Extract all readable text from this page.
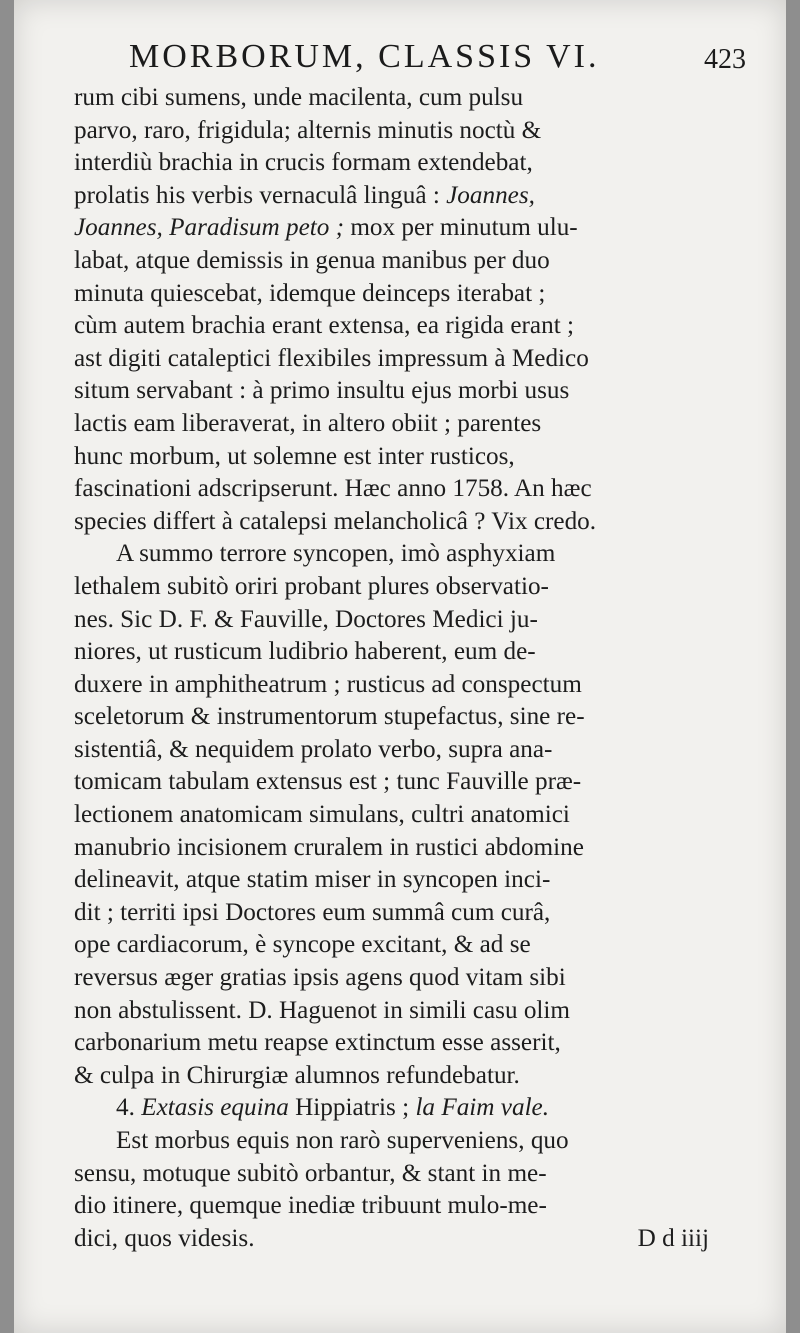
MORBORUM, CLASSIS VI.	423
rum cibi sumens, unde macilenta, cum pulsu
parvo, raro, frigidula; alternis minutis noctù &
interdiù brachia in crucis formam extendebat,
prolatis his verbis vernaculâ linguâ : Joannes,
Joannes, Paradisum peto ; mox per minutum ulu-
labat, atque demissis in genua manibus per duo
minuta quiescebat, idemque deinceps iterabat ;
cùm autem brachia erant extensa, ea rigida erant ;
ast digiti cataleptici flexibiles impressum à Medico
situm servabant : à primo insultu ejus morbi usus
lactis eam liberaverat, in altero obiit ; parentes
hunc morbum, ut solemne est inter rusticos,
fascinationi adscripserunt. Hæc anno 1758. An hæc
species differt à catalepsi melancholicâ ? Vix credo.
A summo terrore syncopen, imò asphyxiam
lethalem subitò oriri probant plures observatio-
nes. Sic D. F. & Fauville, Doctores Medici ju-
niores, ut rusticum ludibrio haberent, eum de-
duxere in amphitheatrum ; rusticus ad conspectum
sceletorum & instrumentorum stupefactus, sine re-
sistentiâ, & nequidem prolato verbo, supra ana-
tomicam tabulam extensus est ; tunc Fauville præ-
lectionem anatomicam simulans, cultri anatomici
manubrio incisionem cruralem in rustici abdomine
delineavit, atque statim miser in syncopen inci-
dit ; territi ipsi Doctores eum summâ cum curâ,
ope cardiacorum, è syncope excitant, & ad se
reversus æger gratias ipsis agens quod vitam sibi
non abstulissent. D. Haguenot in simili casu olim
carbonarium metu reapse extinctum esse asserit,
& culpa in Chirurgiæ alumnos refundebatur.
4. Extasis equina Hippiatris ; la Faim vale.
Est morbus equis non rarò superveniens, quo
sensu, motuque subitò orbantur, & stant in me-
dio itinere, quemque inediæ tribuunt mulo-me-
dici, quos videsis.	D d iiij
